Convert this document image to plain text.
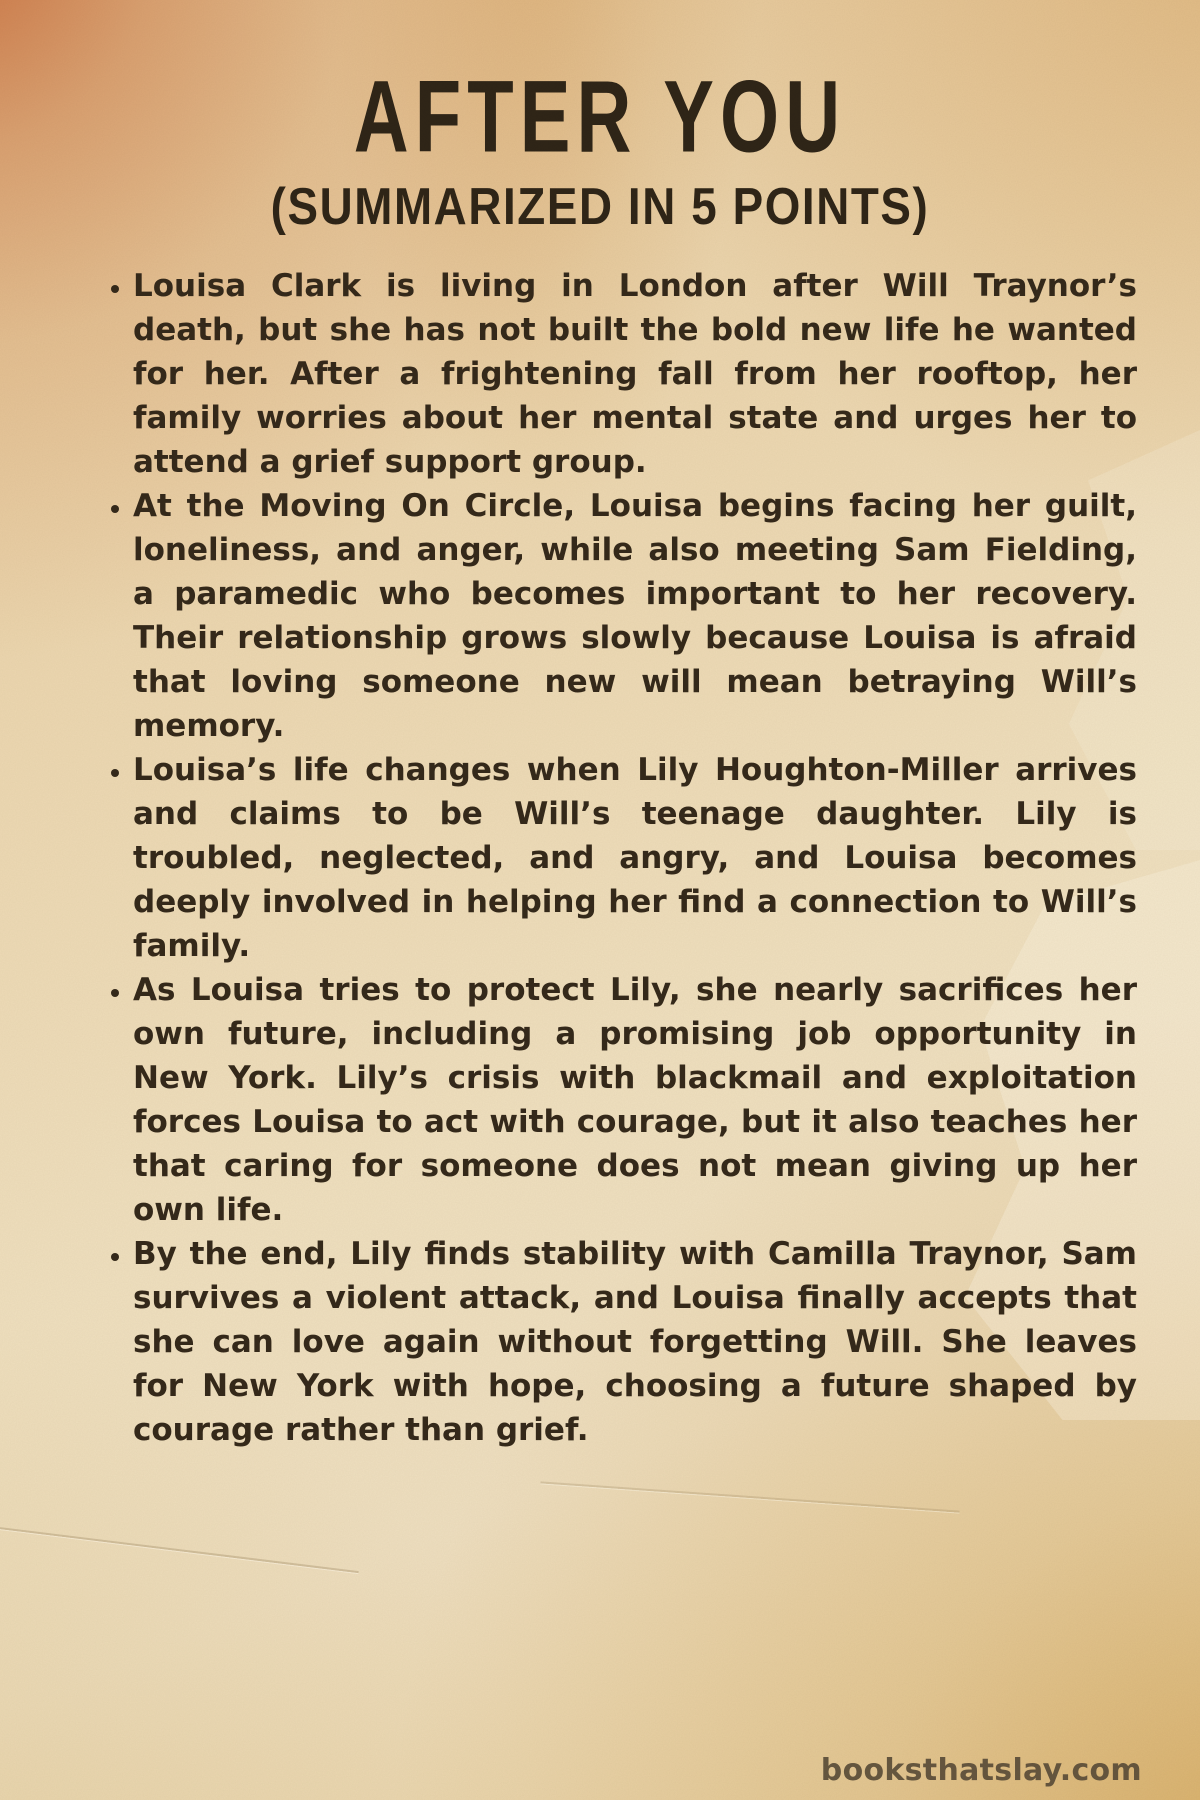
AFTER YOU
(SUMMARIZED IN 5 POINTS)
• Louisa Clark is living in London after Will Traynor’s death, but she has not built the bold new life he wanted for her. After a frightening fall from her rooftop, her family worries about her mental state and urges her to attend a grief support group.
• At the Moving On Circle, Louisa begins facing her guilt, loneliness, and anger, while also meeting Sam Fielding, a paramedic who becomes important to her recovery. Their relationship grows slowly because Louisa is afraid that loving someone new will mean betraying Will’s memory.
• Louisa’s life changes when Lily Houghton-Miller arrives and claims to be Will’s teenage daughter. Lily is troubled, neglected, and angry, and Louisa becomes deeply involved in helping her find a connection to Will’s family.
• As Louisa tries to protect Lily, she nearly sacrifices her own future, including a promising job opportunity in New York. Lily’s crisis with blackmail and exploitation forces Louisa to act with courage, but it also teaches her that caring for someone does not mean giving up her own life.
• By the end, Lily finds stability with Camilla Traynor, Sam survives a violent attack, and Louisa finally accepts that she can love again without forgetting Will. She leaves for New York with hope, choosing a future shaped by courage rather than grief.
booksthatslay.com
